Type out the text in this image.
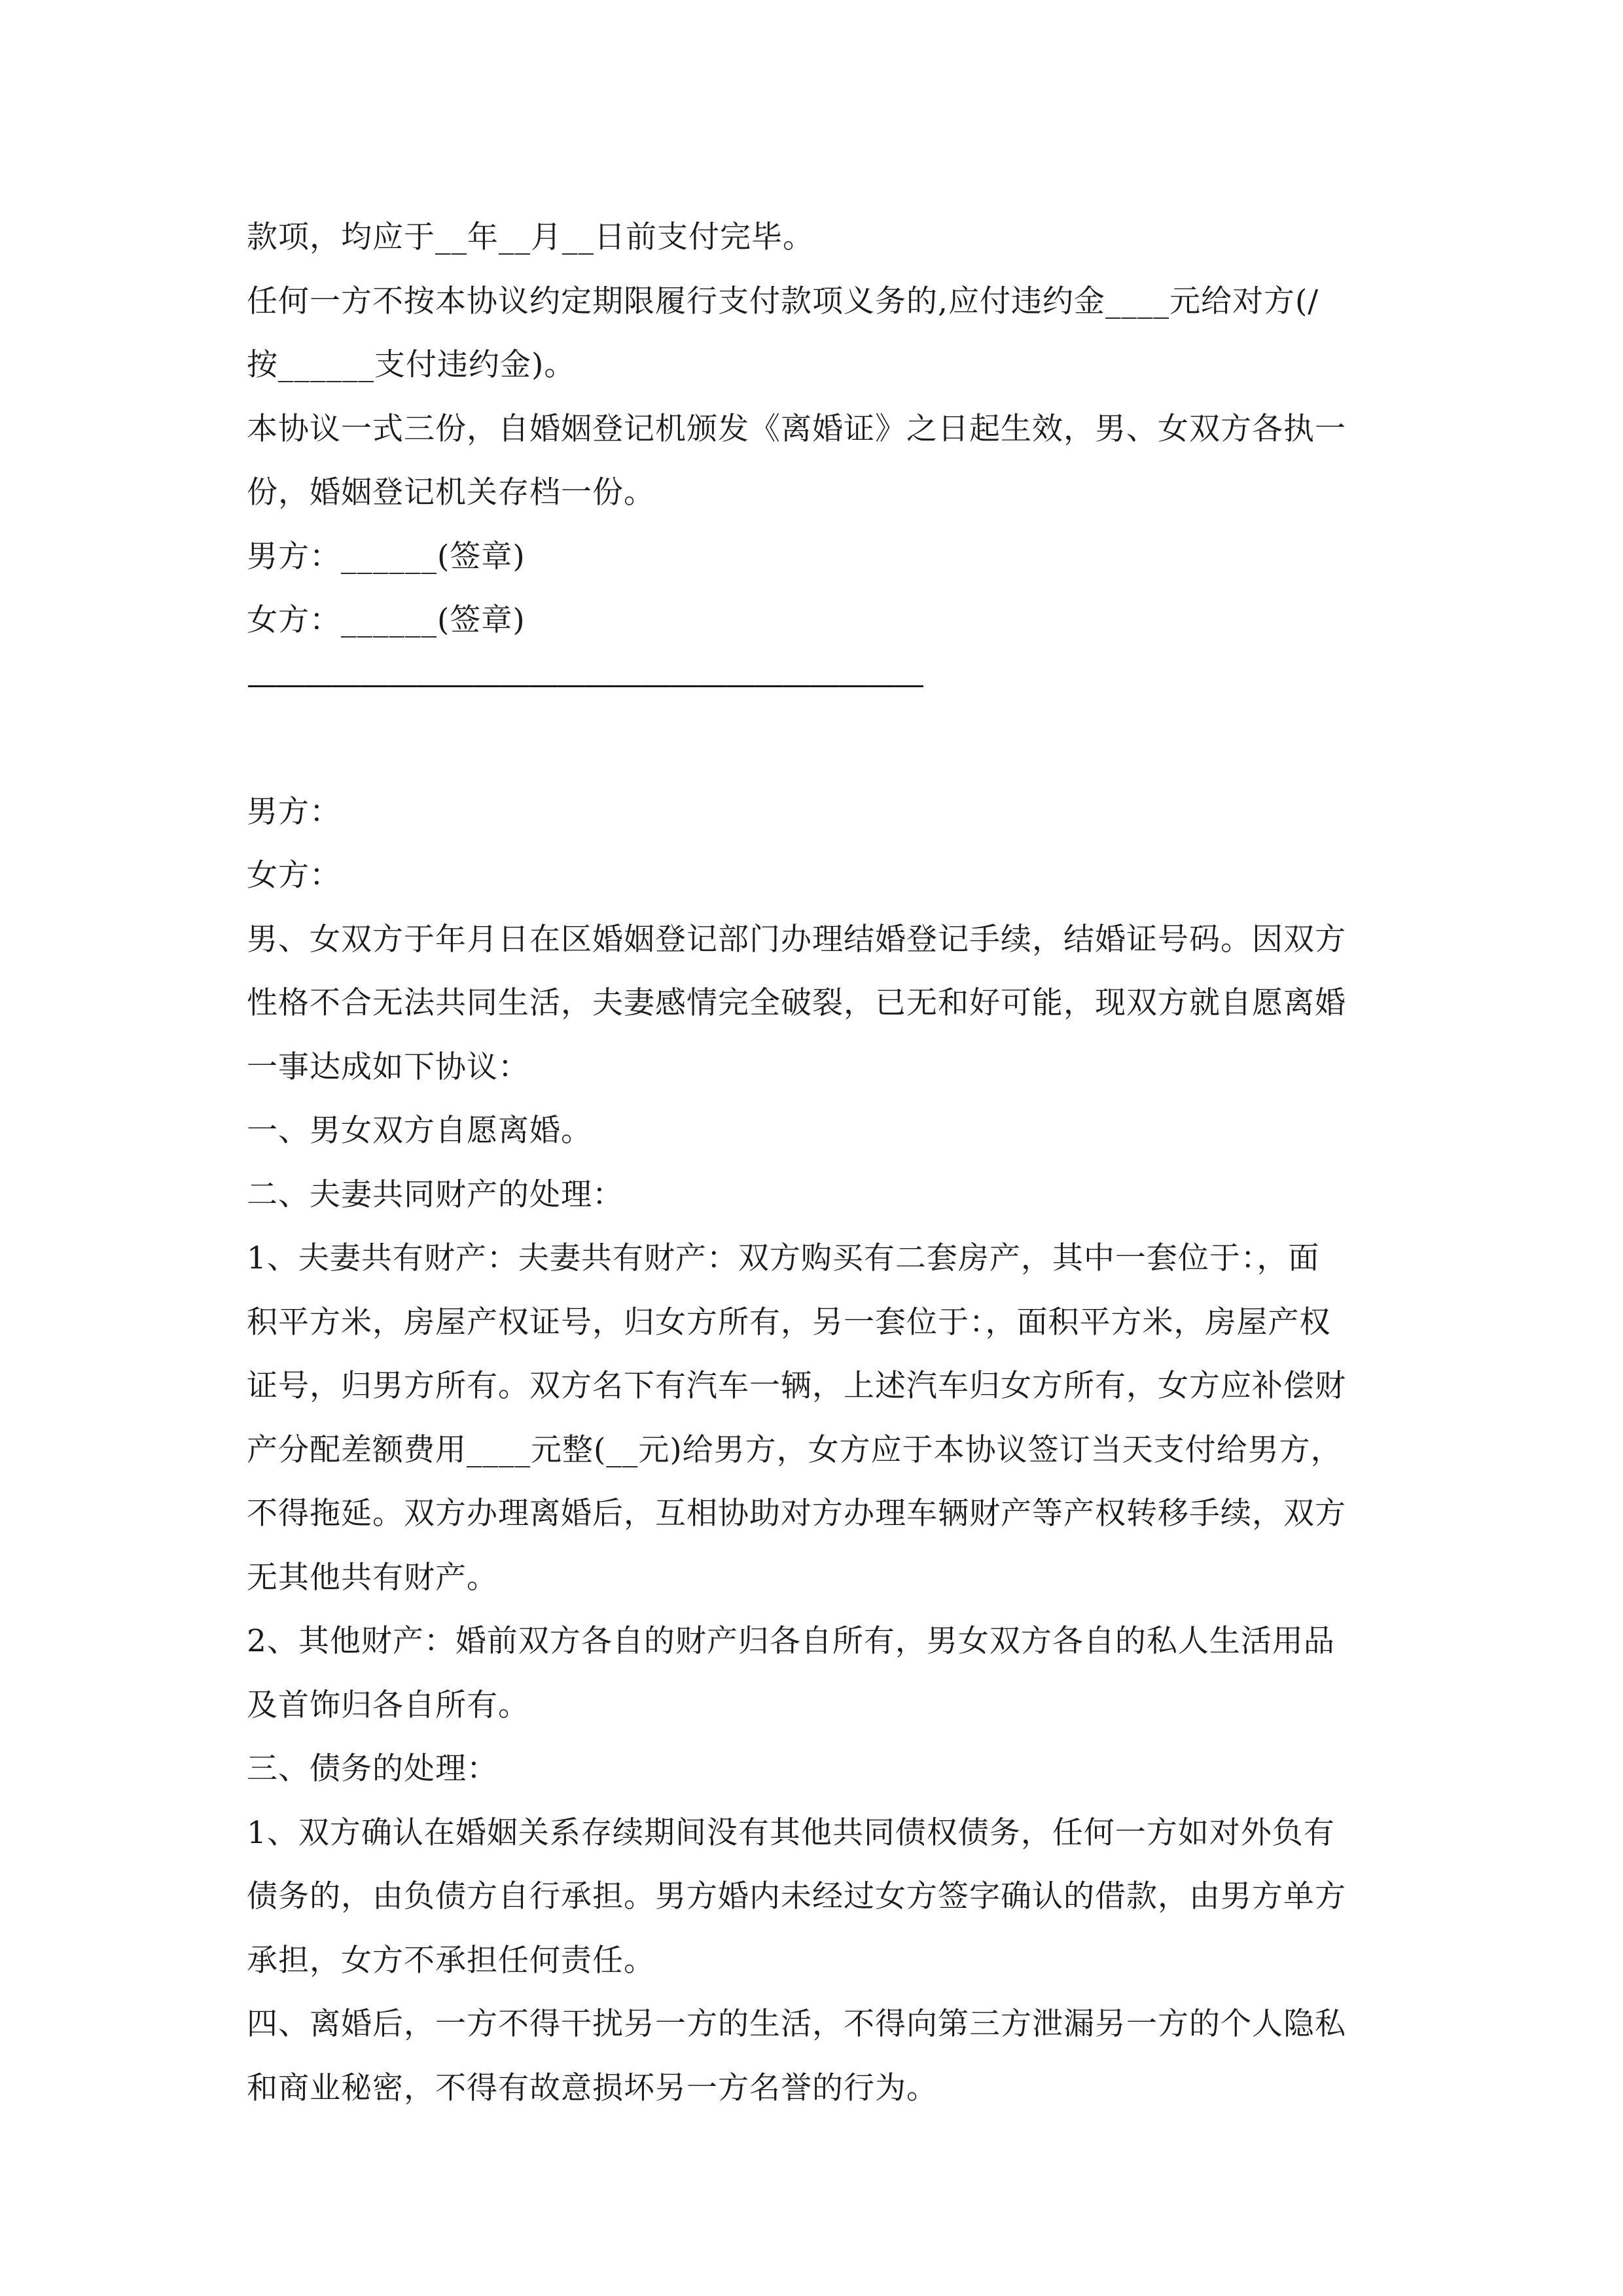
款项，均应于__年__月__日前支付完毕。
任何一方不按本协议约定期限履行支付款项义务的,应付违约金____元给对方(/
按______支付违约金)。
本协议一式三份，自婚姻登记机颁发《离婚证》之日起生效，男、女双方各执一
份，婚姻登记机关存档一份。
男方：______(签章)
女方：______(签章)
————————————————————————
男方：
女方：
男、女双方于年月日在区婚姻登记部门办理结婚登记手续，结婚证号码。因双方
性格不合无法共同生活，夫妻感情完全破裂，已无和好可能，现双方就自愿离婚
一事达成如下协议：
一、男女双方自愿离婚。
二、夫妻共同财产的处理：
1、夫妻共有财产：夫妻共有财产：双方购买有二套房产，其中一套位于：，面
积平方米，房屋产权证号，归女方所有，另一套位于：，面积平方米，房屋产权
证号，归男方所有。双方名下有汽车一辆，上述汽车归女方所有，女方应补偿财
产分配差额费用____元整(__元)给男方，女方应于本协议签订当天支付给男方，
不得拖延。双方办理离婚后，互相协助对方办理车辆财产等产权转移手续，双方
无其他共有财产。
2、其他财产：婚前双方各自的财产归各自所有，男女双方各自的私人生活用品
及首饰归各自所有。
三、债务的处理：
1、双方确认在婚姻关系存续期间没有其他共同债权债务，任何一方如对外负有
债务的，由负债方自行承担。男方婚内未经过女方签字确认的借款，由男方单方
承担，女方不承担任何责任。
四、离婚后，一方不得干扰另一方的生活，不得向第三方泄漏另一方的个人隐私
和商业秘密，不得有故意损坏另一方名誉的行为。
